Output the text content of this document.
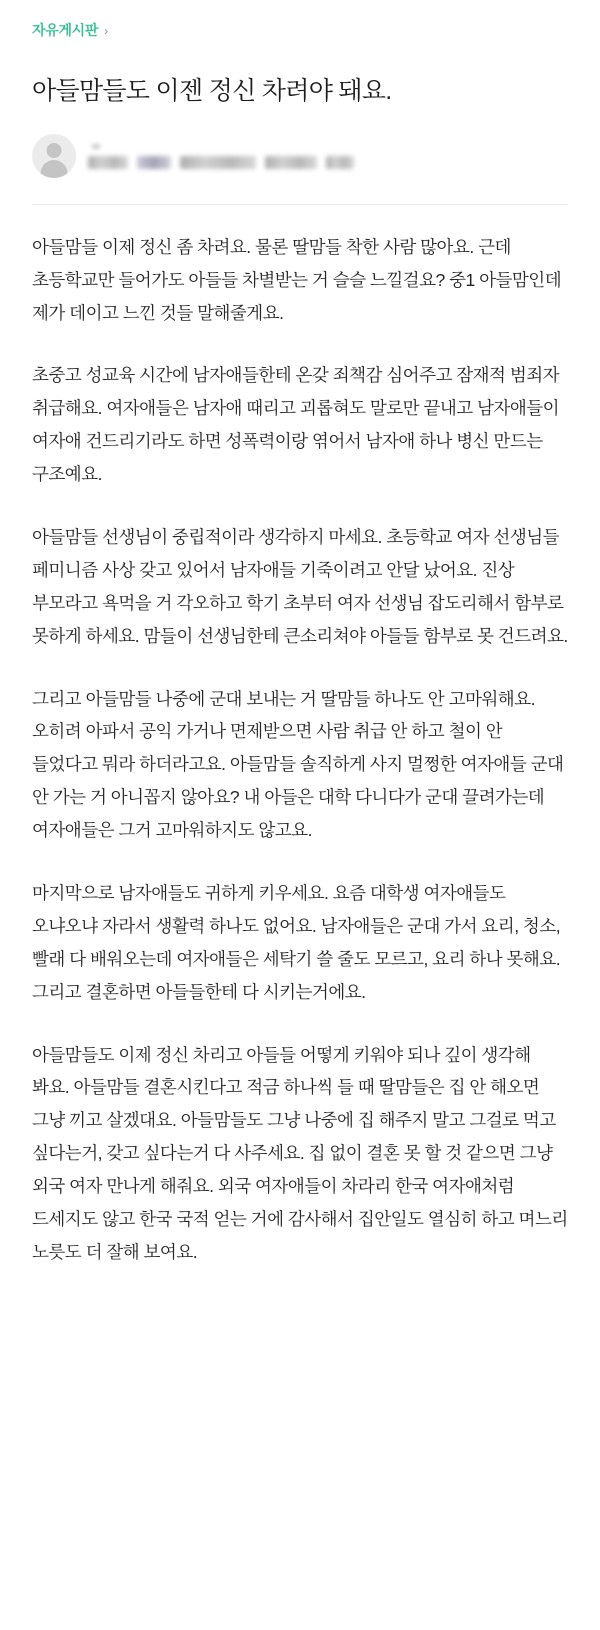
자유게시판 ›
아들맘들도 이젠 정신 차려야 돼요.

아들맘들 이제 정신 좀 차려요. 물론 딸맘들 착한 사람 많아요. 근데 초등학교만 들어가도 아들들 차별받는 거 슬슬 느낄걸요? 중1 아들맘인데 제가 데이고 느낀 것들 말해줄게요.

초중고 성교육 시간에 남자애들한테 온갖 죄책감 심어주고 잠재적 범죄자 취급해요. 여자애들은 남자애 때리고 괴롭혀도 말로만 끝내고 남자애들이 여자애 건드리기라도 하면 성폭력이랑 엮어서 남자애 하나 병신 만드는 구조예요.

아들맘들 선생님이 중립적이라 생각하지 마세요. 초등학교 여자 선생님들 페미니즘 사상 갖고 있어서 남자애들 기죽이려고 안달 났어요. 진상 부모라고 욕먹을 거 각오하고 학기 초부터 여자 선생님 잡도리해서 함부로 못하게 하세요. 맘들이 선생님한테 큰소리쳐야 아들들 함부로 못 건드려요.

그리고 아들맘들 나중에 군대 보내는 거 딸맘들 하나도 안 고마워해요. 오히려 아파서 공익 가거나 면제받으면 사람 취급 안 하고 철이 안 들었다고 뭐라 하더라고요. 아들맘들 솔직하게 사지 멀쩡한 여자애들 군대 안 가는 거 아니꼽지 않아요? 내 아들은 대학 다니다가 군대 끌려가는데 여자애들은 그거 고마워하지도 않고요.

마지막으로 남자애들도 귀하게 키우세요. 요즘 대학생 여자애들도 오냐오냐 자라서 생활력 하나도 없어요. 남자애들은 군대 가서 요리, 청소, 빨래 다 배워오는데 여자애들은 세탁기 쓸 줄도 모르고, 요리 하나 못해요. 그리고 결혼하면 아들들한테 다 시키는거에요.

아들맘들도 이제 정신 차리고 아들들 어떻게 키워야 되나 깊이 생각해 봐요. 아들맘들 결혼시킨다고 적금 하나씩 들 때 딸맘들은 집 안 해오면 그냥 끼고 살겠대요. 아들맘들도 그냥 나중에 집 해주지 말고 그걸로 먹고 싶다는거, 갖고 싶다는거 다 사주세요. 집 없이 결혼 못 할 것 같으면 그냥 외국 여자 만나게 해줘요. 외국 여자애들이 차라리 한국 여자애처럼 드세지도 않고 한국 국적 얻는 거에 감사해서 집안일도 열심히 하고 며느리 노릇도 더 잘해 보여요.
